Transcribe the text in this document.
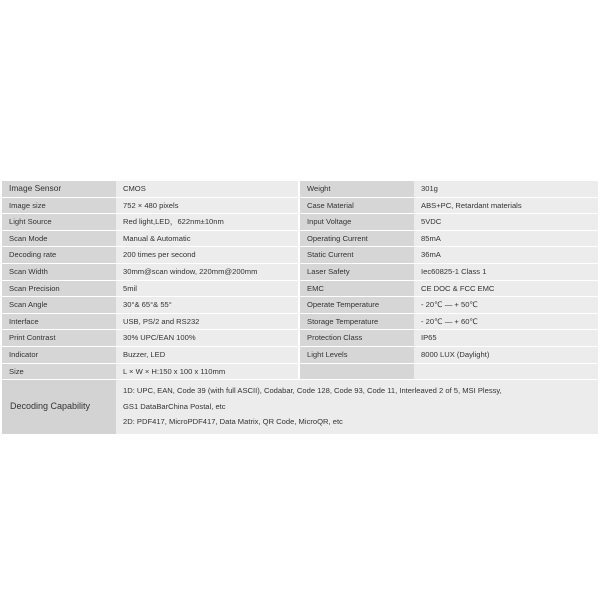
Image Sensor	CMOS	Weight	301g
Image size	752 × 480 pixels	Case Material	ABS+PC, Retardant materials
Light Source	Red light,LED，622nm±10nm	Input Voltage	5VDC
Scan Mode	Manual & Automatic	Operating Current	85mA
Decoding rate	200 times per second	Static Current	36mA
Scan Width	30mm@scan window, 220mm@200mm	Laser Safety	Iec60825-1 Class 1
Scan Precision	5mil	EMC	CE DOC & FCC EMC
Scan Angle	30°& 65°& 55°	Operate Temperature	- 20℃ — + 50℃
Interface	USB, PS/2 and RS232	Storage Temperature	- 20℃ — + 60℃
Print Contrast	30% UPC/EAN 100%	Protection Class	IP65
Indicator	Buzzer, LED	Light Levels	8000 LUX (Daylight)
Size	L × W × H:150 x 100 x 110mm		
Decoding Capability	1D: UPC, EAN, Code 39 (with full ASCII), Codabar, Code 128, Code 93, Code 11, Interleaved 2 of 5, MSI Plessy,
GS1 DataBarChina Postal, etc
2D: PDF417, MicroPDF417, Data Matrix, QR Code, MicroQR, etc		
